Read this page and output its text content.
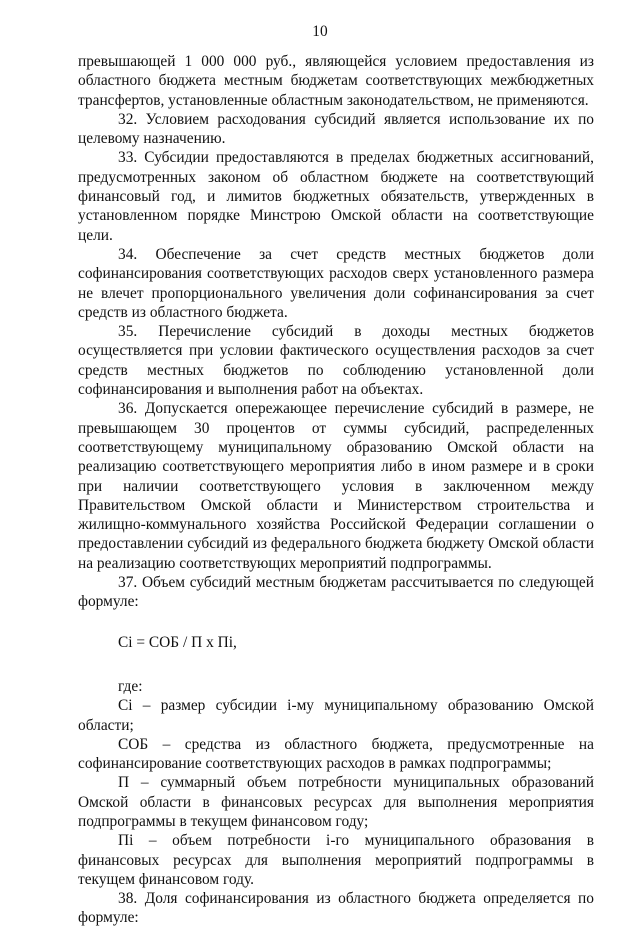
10

превышающей 1 000 000 руб., являющейся условием предоставления из областного бюджета местным бюджетам соответствующих межбюджетных трансфертов, установленные областным законодательством, не применяются.

32. Условием расходования субсидий является использование их по целевому назначению.

33. Субсидии предоставляются в пределах бюджетных ассигнований, предусмотренных законом об областном бюджете на соответствующий финансовый год, и лимитов бюджетных обязательств, утвержденных в установленном порядке Минстрою Омской области на соответствующие цели.

34. Обеспечение за счет средств местных бюджетов доли софинансирования соответствующих расходов сверх установленного размера не влечет пропорционального увеличения доли софинансирования за счет средств из областного бюджета.

35. Перечисление субсидий в доходы местных бюджетов осуществляется при условии фактического осуществления расходов за счет средств местных бюджетов по соблюдению установленной доли софинансирования и выполнения работ на объектах.

36. Допускается опережающее перечисление субсидий в размере, не превышающем 30 процентов от суммы субсидий, распределенных соответствующему муниципальному образованию Омской области на реализацию соответствующего мероприятия либо в ином размере и в сроки при наличии соответствующего условия в заключенном между Правительством Омской области и Министерством строительства и жилищно-коммунального хозяйства Российской Федерации соглашении о предоставлении субсидий из федерального бюджета бюджету Омской области на реализацию соответствующих мероприятий подпрограммы.

37. Объем субсидий местным бюджетам рассчитывается по следующей формуле:

Ci = СОБ / П х Пi,

где:

Ci – размер субсидии i-му муниципальному образованию Омской области;

СОБ – средства из областного бюджета, предусмотренные на софинансирование соответствующих расходов в рамках подпрограммы;

П – суммарный объем потребности муниципальных образований Омской области в финансовых ресурсах для выполнения мероприятия подпрограммы в текущем финансовом году;

Пi – объем потребности i-го муниципального образования в финансовых ресурсах для выполнения мероприятий подпрограммы в текущем финансовом году.

38. Доля софинансирования из областного бюджета определяется по формуле:
